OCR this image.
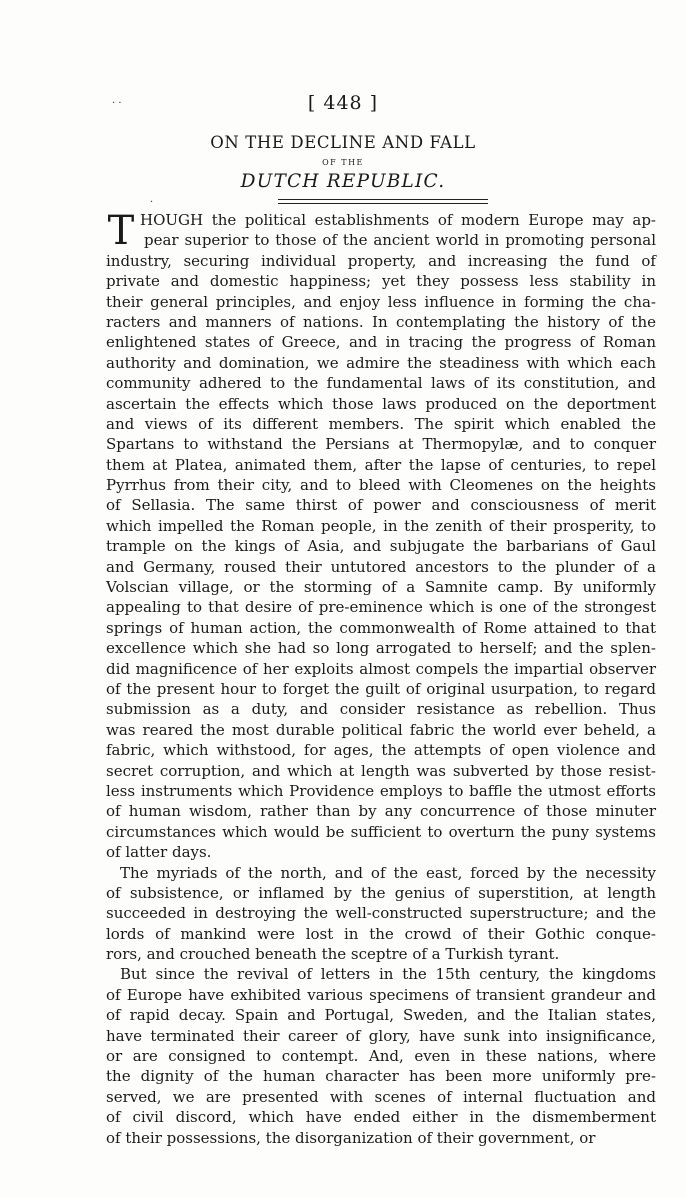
· ·
·
[ 448 ]
ON THE DECLINE AND FALL
OF THE
DUTCH REPUBLIC.
T HOUGH the political establishments of modern Europe may ap-
pear superior to those of the ancient world in promoting personal
industry, securing individual property, and increasing the fund of
private and domestic happiness; yet they possess less stability in
their general principles, and enjoy less influence in forming the cha-
racters and manners of nations. In contemplating the history of the
enlightened states of Greece, and in tracing the progress of Roman
authority and domination, we admire the steadiness with which each
community adhered to the fundamental laws of its constitution, and
ascertain the effects which those laws produced on the deportment
and views of its different members. The spirit which enabled the
Spartans to withstand the Persians at Thermopylæ, and to conquer
them at Platea, animated them, after the lapse of centuries, to repel
Pyrrhus from their city, and to bleed with Cleomenes on the heights
of Sellasia. The same thirst of power and consciousness of merit
which impelled the Roman people, in the zenith of their prosperity, to
trample on the kings of Asia, and subjugate the barbarians of Gaul
and Germany, roused their untutored ancestors to the plunder of a
Volscian village, or the storming of a Samnite camp. By uniformly
appealing to that desire of pre-eminence which is one of the strongest
springs of human action, the commonwealth of Rome attained to that
excellence which she had so long arrogated to herself; and the splen-
did magnificence of her exploits almost compels the impartial observer
of the present hour to forget the guilt of original usurpation, to regard
submission as a duty, and consider resistance as rebellion. Thus
was reared the most durable political fabric the world ever beheld, a
fabric, which withstood, for ages, the attempts of open violence and
secret corruption, and which at length was subverted by those resist-
less instruments which Providence employs to baffle the utmost efforts
of human wisdom, rather than by any concurrence of those minuter
circumstances which would be sufficient to overturn the puny systems
of latter days.
The myriads of the north, and of the east, forced by the necessity
of subsistence, or inflamed by the genius of superstition, at length
succeeded in destroying the well-constructed superstructure; and the
lords of mankind were lost in the crowd of their Gothic conque-
rors, and crouched beneath the sceptre of a Turkish tyrant.
But since the revival of letters in the 15th century, the kingdoms
of Europe have exhibited various specimens of transient grandeur and
of rapid decay. Spain and Portugal, Sweden, and the Italian states,
have terminated their career of glory, have sunk into insignificance,
or are consigned to contempt. And, even in these nations, where
the dignity of the human character has been more uniformly pre-
served, we are presented with scenes of internal fluctuation and
of civil discord, which have ended either in the dismemberment
of their possessions, the disorganization of their government, or
